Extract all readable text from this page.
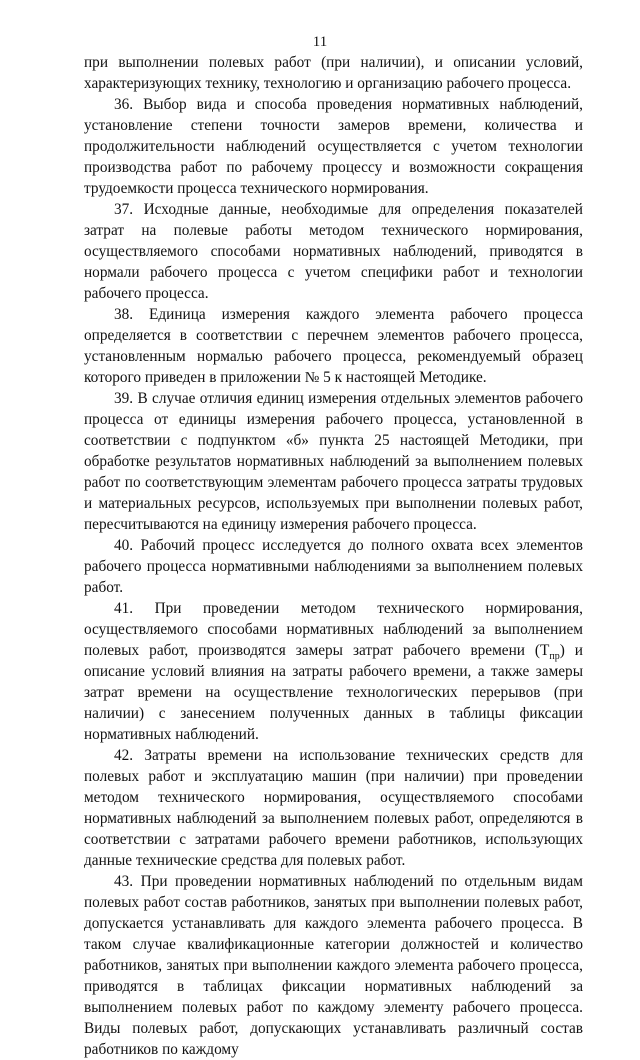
11

при выполнении полевых работ (при наличии), и описании условий, характеризующих технику, технологию и организацию рабочего процесса.

36. Выбор вида и способа проведения нормативных наблюдений, установление степени точности замеров времени, количества и продолжительности наблюдений осуществляется с учетом технологии производства работ по рабочему процессу и возможности сокращения трудоемкости процесса технического нормирования.

37. Исходные данные, необходимые для определения показателей затрат на полевые работы методом технического нормирования, осуществляемого способами нормативных наблюдений, приводятся в нормали рабочего процесса с учетом специфики работ и технологии рабочего процесса.

38. Единица измерения каждого элемента рабочего процесса определяется в соответствии с перечнем элементов рабочего процесса, установленным нормалью рабочего процесса, рекомендуемый образец которого приведен в приложении № 5 к настоящей Методике.

39. В случае отличия единиц измерения отдельных элементов рабочего процесса от единицы измерения рабочего процесса, установленной в соответствии с подпунктом «б» пункта 25 настоящей Методики, при обработке результатов нормативных наблюдений за выполнением полевых работ по соответствующим элементам рабочего процесса затраты трудовых и материальных ресурсов, используемых при выполнении полевых работ, пересчитываются на единицу измерения рабочего процесса.

40. Рабочий процесс исследуется до полного охвата всех элементов рабочего процесса нормативными наблюдениями за выполнением полевых работ.

41. При проведении методом технического нормирования, осуществляемого способами нормативных наблюдений за выполнением полевых работ, производятся замеры затрат рабочего времени $(Т_{пр})$ и описание условий влияния на затраты рабочего времени, а также замеры затрат времени на осуществление технологических перерывов (при наличии) с занесением полученных данных в таблицы фиксации нормативных наблюдений.

42. Затраты времени на использование технических средств для полевых работ и эксплуатацию машин (при наличии) при проведении методом технического нормирования, осуществляемого способами нормативных наблюдений за выполнением полевых работ, определяются в соответствии с затратами рабочего времени работников, использующих данные технические средства для полевых работ.

43. При проведении нормативных наблюдений по отдельным видам полевых работ состав работников, занятых при выполнении полевых работ, допускается устанавливать для каждого элемента рабочего процесса. В таком случае квалификационные категории должностей и количество работников, занятых при выполнении каждого элемента рабочего процесса, приводятся в таблицах фиксации нормативных наблюдений за выполнением полевых работ по каждому элементу рабочего процесса. Виды полевых работ, допускающих устанавливать различный состав работников по каждому
